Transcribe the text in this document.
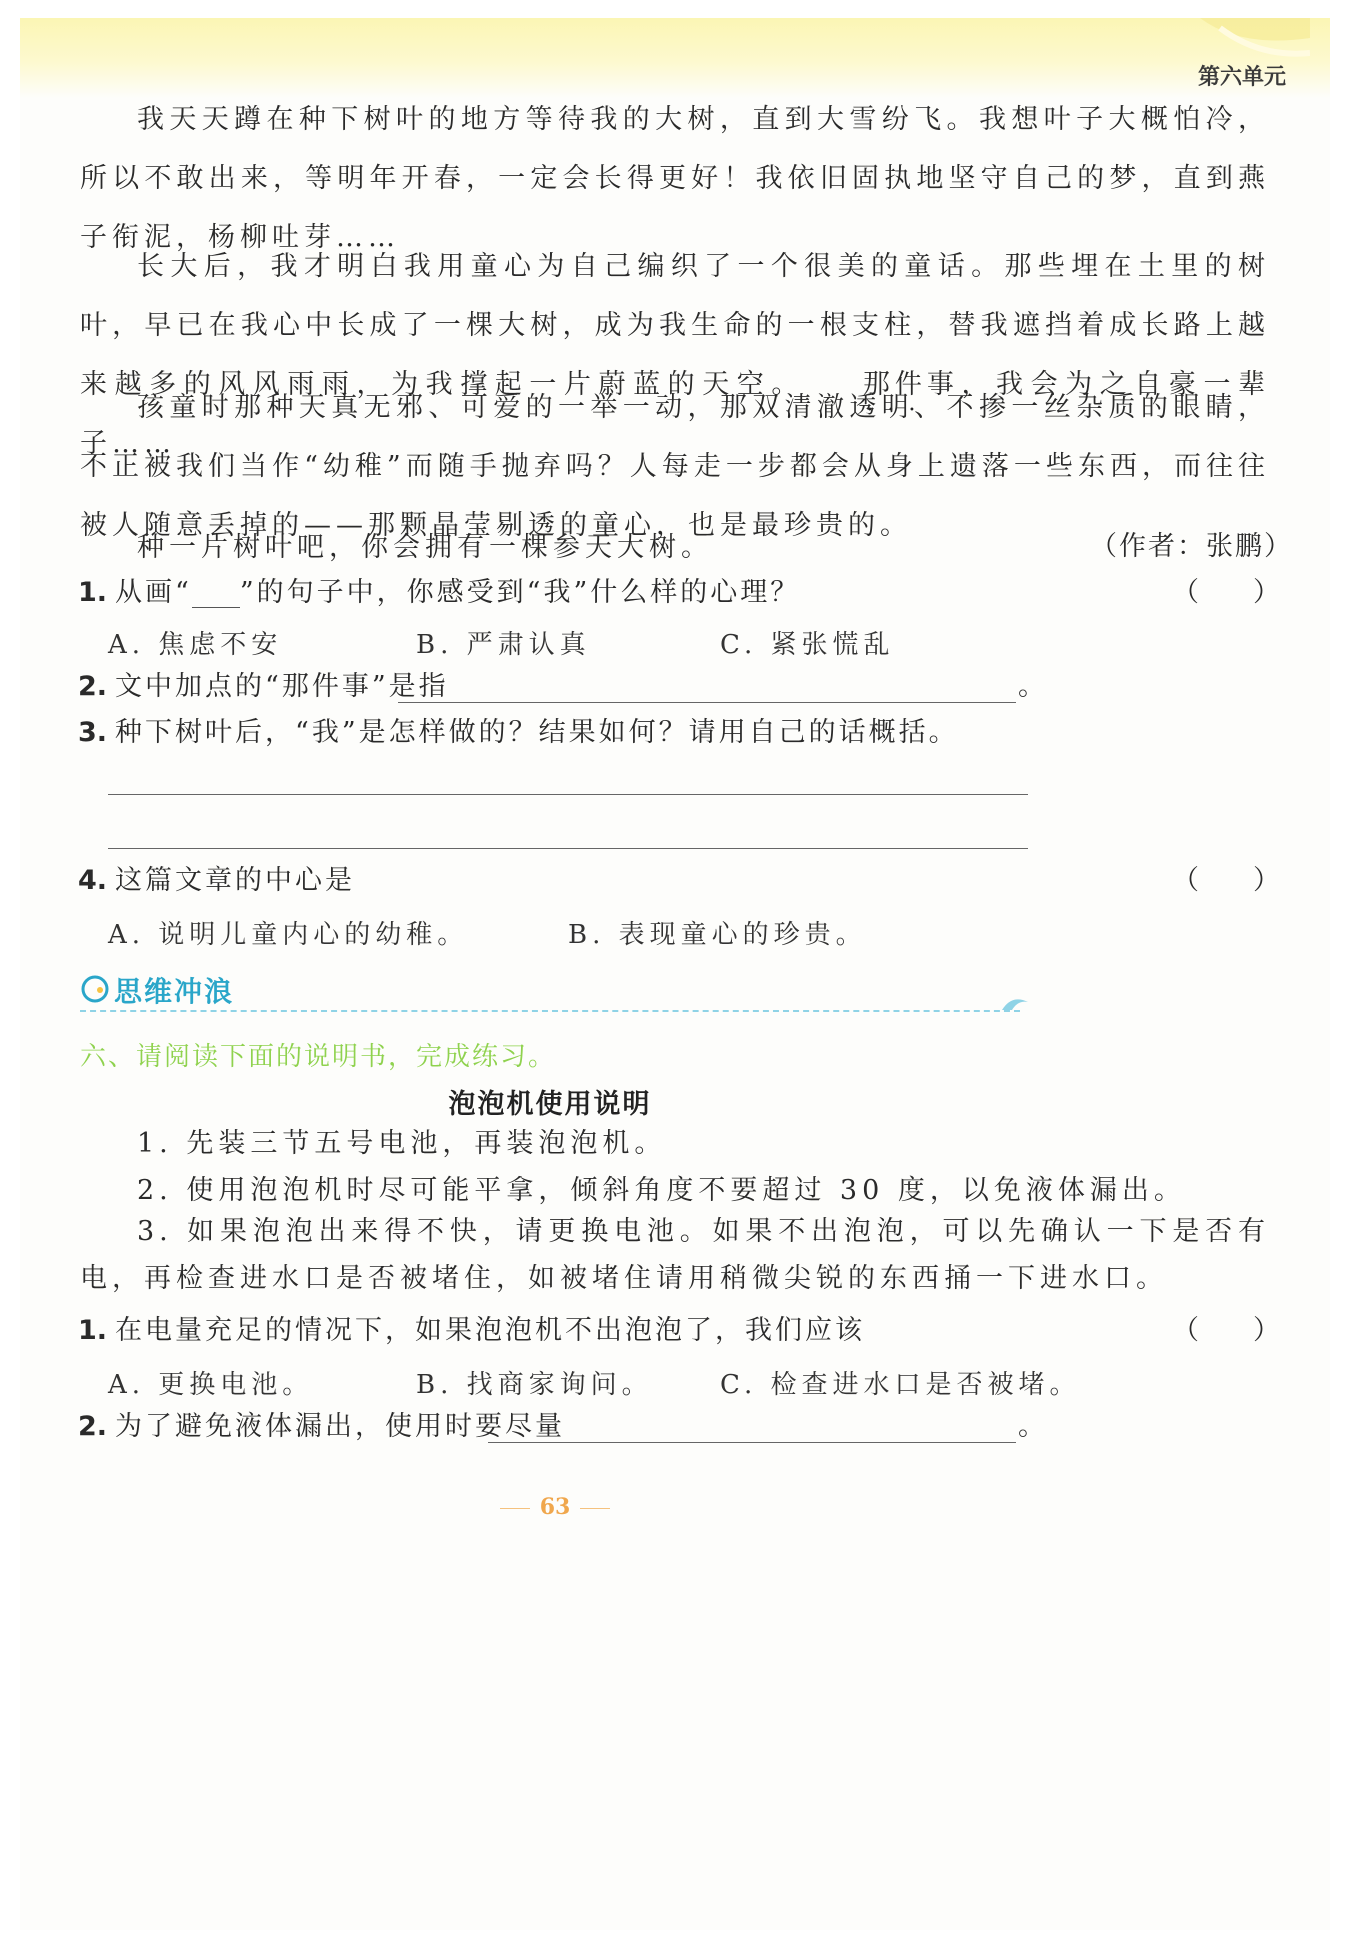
第六单元
我天天蹲在种下树叶的地方等待我的大树，直到大雪纷飞。我想叶子大概怕冷，所以不敢出来，等明年开春，一定会长得更好！我依旧固执地坚守自己的梦，直到燕子衔泥，杨柳吐芽……
长大后，我才明白我用童心为自己编织了一个很美的童话。那些埋在土里的树叶，早已在我心中长成了一棵大树，成为我生命的一根支柱，替我遮挡着成长路上越来越多的风风雨雨，为我撑起一片蔚蓝的天空。 那件事 • • •，我会为之自豪一辈子……
孩童时那种天真无邪、可爱的一举一动，那双清澈透明、不掺一丝杂质的眼睛，不正被我们当作“幼稚”而随手抛弃吗？人每走一步都会从身上遗落一些东西，而往往被人随意丢掉的——那颗晶莹剔透的童心，也是最珍贵的。
种一片树叶吧，你会拥有一棵参天大树。	（作者：张鹏）
1. 从画“ ”的句子中，你感受到“我”什么样的心理？	（　　）
A. 焦虑不安	B. 严肃认真	C. 紧张慌乱
2. 文中加点的“那件事”是指	。
3. 种下树叶后，“我”是怎样做的？结果如何？请用自己的话概括。
4. 这篇文章的中心是	（　　）
A. 说明儿童内心的幼稚。	B. 表现童心的珍贵。
思维冲浪
六、请阅读下面的说明书，完成练习。
泡泡机使用说明
1. 先装三节五号电池，再装泡泡机。
2. 使用泡泡机时尽可能平拿，倾斜角度不要超过 30 度，以免液体漏出。
3. 如果泡泡出来得不快，请更换电池。如果不出泡泡，可以先确认一下是否有电，再检查进水口是否被堵住，如被堵住请用稍微尖锐的东西捅一下进水口。
1. 在电量充足的情况下，如果泡泡机不出泡泡了，我们应该	（　　）
A. 更换电池。	B. 找商家询问。	C. 检查进水口是否被堵。
2. 为了避免液体漏出，使用时要尽量	。
63
